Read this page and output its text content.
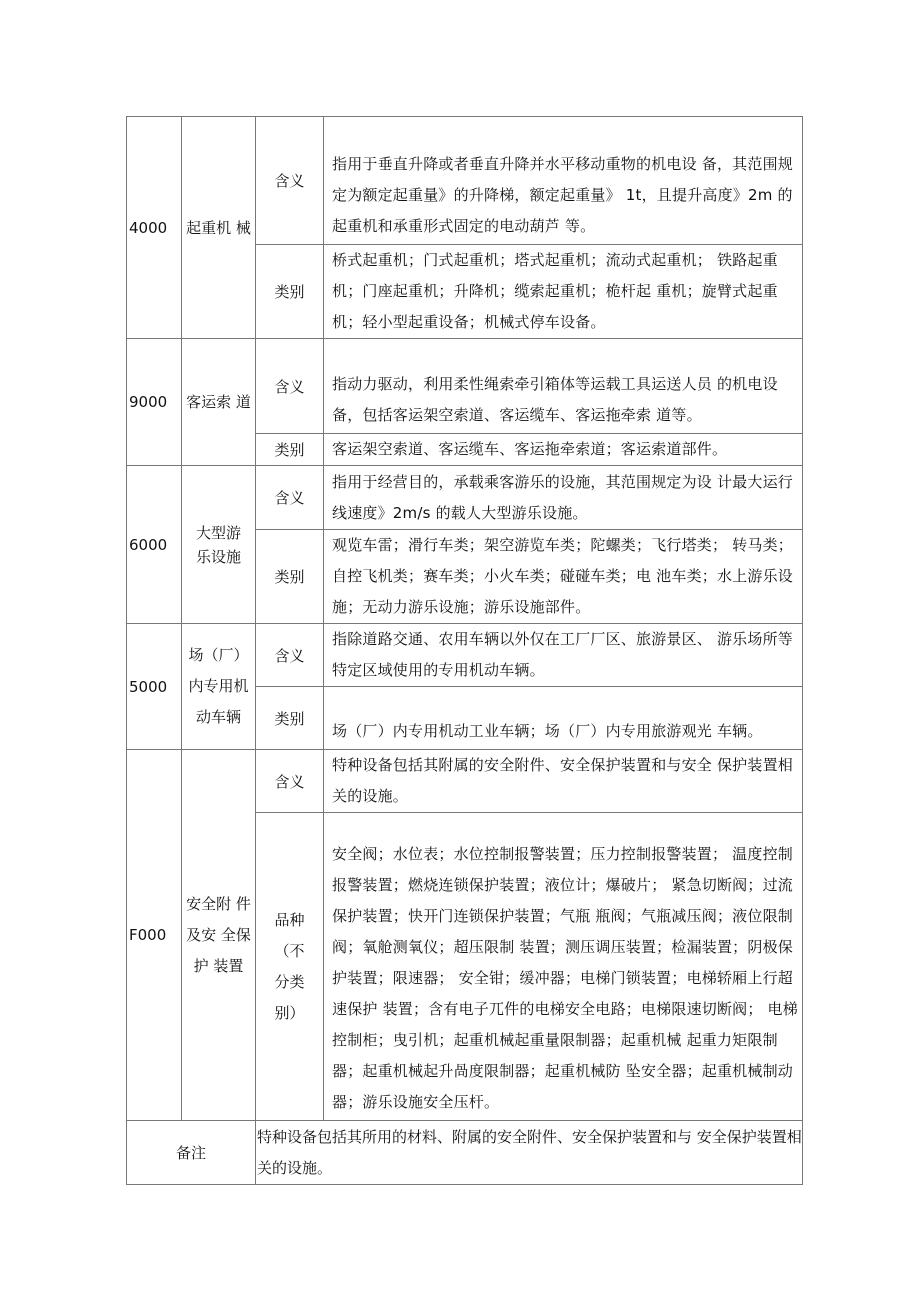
4000	起重机 械	含义	指用于垂直升降或者垂直升降并水平移动重物的机电设 备，其范围规定为额定起重量》的升降梯，额定起重量》 1t，且提升高度》2m 的起重机和承重形式固定的电动葫芦 等。
		类别	桥式起重机；门式起重机；塔式起重机；流动式起重机； 铁路起重机；门座起重机；升降机；缆索起重机；桅杆起 重机；旋臂式起重机；轻小型起重设备；机械式停车设备。
9000	客运索 道	含义	指动力驱动，利用柔性绳索牵引箱体等运载工具运送人员 的机电设备，包括客运架空索道、客运缆车、客运拖牵索 道等。
		类别	客运架空索道、客运缆车、客运拖牵索道；客运索道部件。
6000	大型游乐设施	含义	指用于经营目的，承载乘客游乐的设施，其范围规定为设 计最大运行线速度》2m/s 的载人大型游乐设施。
		类别	观览车雷；滑行车类；架空游览车类；陀螺类；飞行塔类； 转马类；自控飞机类；赛车类；小火车类；碰碰车类；电 池车类；水上游乐设施；无动力游乐设施；游乐设施部件。
5000	场（厂）内专用机动车辆	含义	指除道路交通、农用车辆以外仅在工厂厂区、旅游景区、 游乐场所等特定区域使用的专用机动车辆。
		类别	场（厂）内专用机动工业车辆；场（厂）内专用旅游观光 车辆。
F000	安全附 件及安 全保护 装置	含义	特种设备包括其附属的安全附件、安全保护装置和与安全 保护装置相关的设施。
		品种（不分类别）	安全阀；水位表；水位控制报警装置；压力控制报警装置； 温度控制报警装置；燃烧连锁保护装置；液位计；爆破片； 紧急切断阀；过流保护装置；快开门连锁保护装置；气瓶 瓶阀；气瓶减压阀；液位限制阀；氧舱测氧仪；超压限制 装置；测压调压装置；检漏装置；阴极保护装置；限速器； 安全钳；缓冲器；电梯门锁装置；电梯轿厢上行超速保护 装置；含有电子兀件的电梯安全电路；电梯限速切断阀； 电梯控制柜；曳引机；起重机械起重量限制器；起重机械 起重力矩限制器；起重机械起升咼度限制器；起重机械防 坠安全器；起重机械制动器；游乐设施安全压杆。
备注		特种设备包括其所用的材料、附属的安全附件、安全保护装置和与 安全保护装置相关的设施。	
